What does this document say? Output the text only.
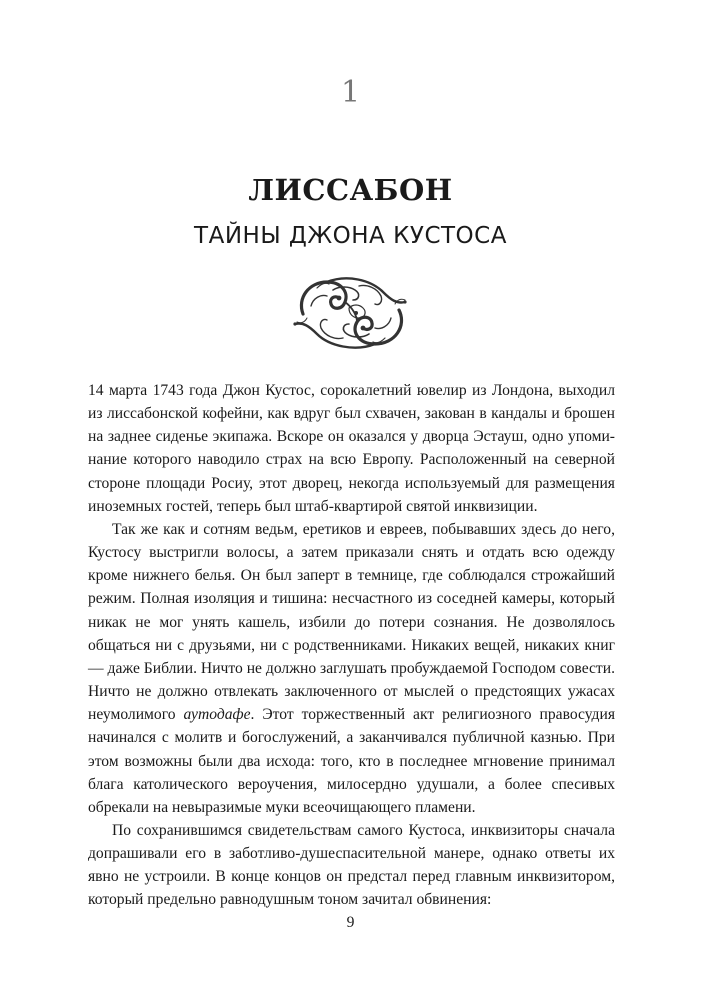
1
ЛИССАБОН
ТАЙНЫ ДЖОНА КУСТОСА

14 марта 1743 года Джон Кустос, сорокалетний ювелир из Лондона, выходил из лиссабонской кофейни, как вдруг был схвачен, закован в кандалы и брошен на заднее сиденье экипажа. Вскоре он оказался у дворца Эстауш, одно упоминание которого наводило страх на всю Европу. Расположенный на северной стороне площади Росиу, этот дворец, некогда используемый для размещения иноземных гостей, теперь был штаб-квартирой святой инквизиции.

Так же как и сотням ведьм, еретиков и евреев, побывавших здесь до него, Кустосу выстригли волосы, а затем приказали снять и отдать всю одежду кроме нижнего белья. Он был заперт в темнице, где соблюдался строжайший режим. Полная изоляция и тишина: несчастного из соседней камеры, который никак не мог унять кашель, избили до потери сознания. Не дозволялось общаться ни с друзьями, ни с родственниками. Никаких вещей, никаких книг — даже Библии. Ничто не должно заглушать пробуждаемой Господом совести. Ничто не должно отвлекать заключенного от мыслей о предстоящих ужасах неумолимого аутодафе. Этот торжественный акт религиозного правосудия начинался с молитв и богослужений, а заканчивался публичной казнью. При этом возможны были два исхода: того, кто в последнее мгновение принимал блага католического вероучения, милосердно удушали, а более спесивых обрекали на невыразимые муки всеочищающего пламени.

По сохранившимся свидетельствам самого Кустоса, инквизиторы сначала допрашивали его в заботливо-душеспасительной манере, однако ответы их явно не устроили. В конце концов он предстал перед главным инквизитором, который предельно равнодушным тоном зачитал обвинения:

9
